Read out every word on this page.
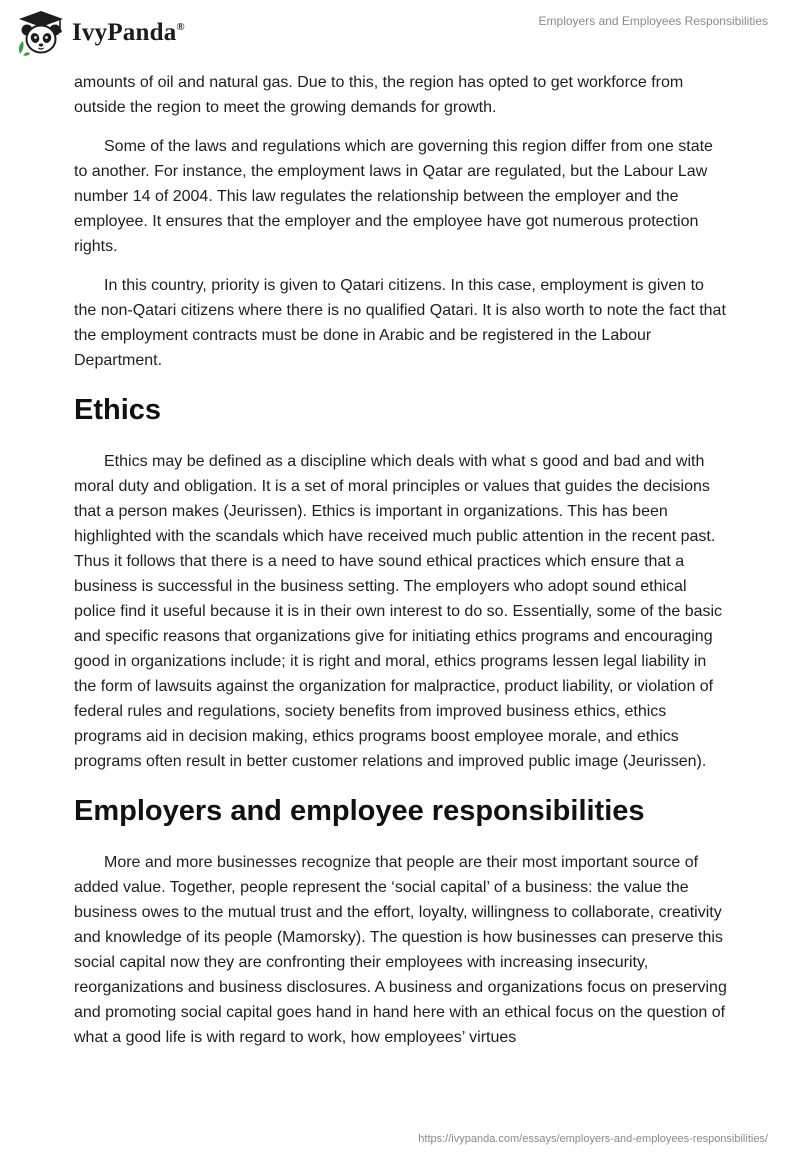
IvyPanda®	Employers and Employees Responsibilities

amounts of oil and natural gas. Due to this, the region has opted to get workforce from outside the region to meet the growing demands for growth.

Some of the laws and regulations which are governing this region differ from one state to another. For instance, the employment laws in Qatar are regulated, but the Labour Law number 14 of 2004. This law regulates the relationship between the employer and the employee. It ensures that the employer and the employee have got numerous protection rights.

In this country, priority is given to Qatari citizens. In this case, employment is given to the non-Qatari citizens where there is no qualified Qatari. It is also worth to note the fact that the employment contracts must be done in Arabic and be registered in the Labour Department.

Ethics

Ethics may be defined as a discipline which deals with what s good and bad and with moral duty and obligation. It is a set of moral principles or values that guides the decisions that a person makes (Jeurissen). Ethics is important in organizations. This has been highlighted with the scandals which have received much public attention in the recent past. Thus it follows that there is a need to have sound ethical practices which ensure that a business is successful in the business setting. The employers who adopt sound ethical police find it useful because it is in their own interest to do so. Essentially, some of the basic and specific reasons that organizations give for initiating ethics programs and encouraging good in organizations include; it is right and moral, ethics programs lessen legal liability in the form of lawsuits against the organization for malpractice, product liability, or violation of federal rules and regulations, society benefits from improved business ethics, ethics programs aid in decision making, ethics programs boost employee morale, and ethics programs often result in better customer relations and improved public image (Jeurissen).

Employers and employee responsibilities

More and more businesses recognize that people are their most important source of added value. Together, people represent the ‘social capital’ of a business: the value the business owes to the mutual trust and the effort, loyalty, willingness to collaborate, creativity and knowledge of its people (Mamorsky). The question is how businesses can preserve this social capital now they are confronting their employees with increasing insecurity, reorganizations and business disclosures. A business and organizations focus on preserving and promoting social capital goes hand in hand here with an ethical focus on the question of what a good life is with regard to work, how employees’ virtues

https://ivypanda.com/essays/employers-and-employees-responsibilities/
